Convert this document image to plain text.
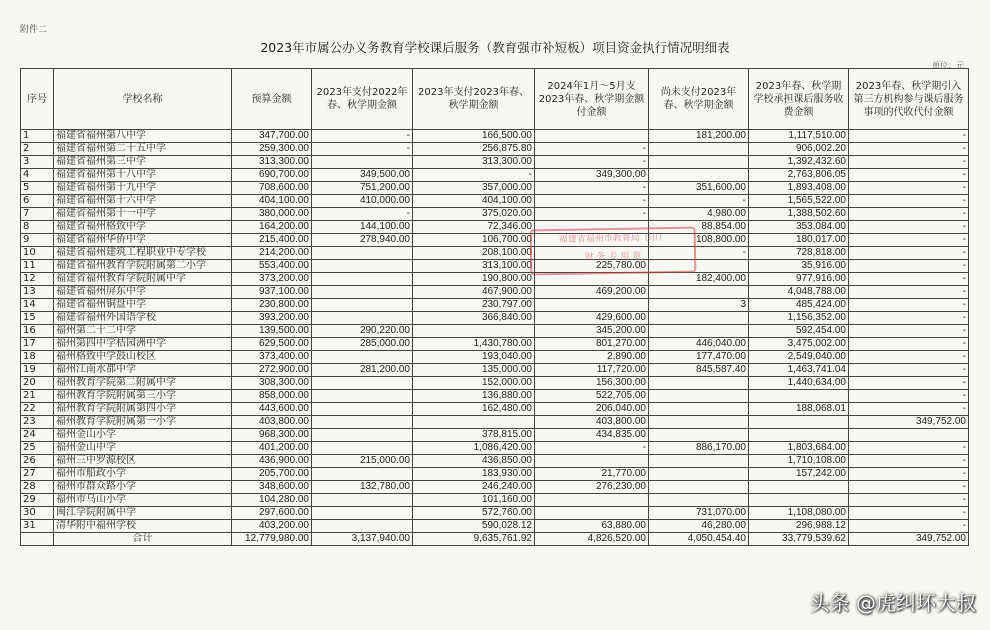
附件二
2023年市属公办义务教育学校课后服务（教育强市补短板）项目资金执行情况明细表
单位：元
序号	学校名称	预算金额	2023年支付2022年春、秋学期金额	2023年支付2023年春、秋学期金额	2024年1月～5月支2023年春、秋学期金额付金额	尚未支付2023年春、秋学期金额	2023年春、秋学期学校承担课后服务收费金额	2023年春、秋学期引入第三方机构参与课后服务事项的代收代付金额
1	福建省福州第八中学	347,700.00	-	166,500.00		181,200.00	1,117,510.00	-
2	福建省福州第二十五中学	259,300.00	-	256,875.80	-		906,002.20	-
3	福建省福州第三中学	313,300.00		313,300.00	-		1,392,432.60	-
4	福建省福州第十八中学	690,700.00	349,500.00	-	349,300.00		2,763,806.05	-
5	福建省福州第十九中学	708,600.00	751,200.00	357,000.00	-	351,600.00	1,893,408.00	-
6	福建省福州第十六中学	404,100.00	410,000.00	404,100.00	-	-	1,565,522.00	-
7	福建省福州第十一中学	380,000.00	-	375,020.00	-	4,980.00	1,388,502.60	-
8	福建省福州格致中学	164,200.00	144,100.00	72,346.00		88,854.00	353,084.00	-
9	福建省福州华侨中学	215,400.00	278,940.00	106,700.00		108,800.00	180,017.00	-
10	福建省福州建筑工程职业中专学校	214,200.00		208,100.00		-	728,818.00	-
11	福建省福州教育学院附属第二小学	553,400.00		313,100.00	225,780.00		35,916.00	-
12	福建省福州教育学院附属中学	373,200.00		190,800.00		182,400.00	977,916.00	-
13	福建省福州屏东中学	937,100.00		467,900.00	469,200.00		4,048,788.00	-
14	福建省福州铜盘中学	230,800.00		230,797.00		3	485,424.00	-
15	福建省福州外国语学校	393,200.00		366,840.00	429,600.00		1,156,352.00	-
16	福州第二十二中学	139,500.00	290,220.00		345,200.00		592,454.00	-
17	福州第四中学桔园洲中学	629,500.00	285,000.00	1,430,780.00	801,270.00	446,040.00	3,475,002.00	-
18	福州格致中学鼓山校区	373,400.00		193,040.00	2,890.00	177,470.00	2,549,040.00	-
19	福州江南水都中学	272,900.00	281,200.00	135,000.00	117,720.00	845,587.40	1,463,741.04	-
20	福州教育学院第二附属中学	308,300.00		152,000.00	156,300.00		1,440,634.00	-
21	福州教育学院附属第三小学	858,000.00		136,880.00	522,705.00			-
22	福州教育学院附属第四小学	443,600.00		162,480.00	206,040.00		188,068.01	-
23	福州教育学院附属第一小学	403,800.00			403,800.00			349,752.00
24	福州金山小学	968,300.00		378,815.00	434,835.00			
25	福州金山中学	401,200.00		1,086,420.00	-	886,170.00	1,803,684.00	-
26	福州三中罗源校区	436,900.00	215,000.00	436,850.00			1,710,108.00	-
27	福州市船政小学	205,700.00		183,930.00	21,770.00		157,242.00	-
28	福州市群众路小学	348,600.00	132,780.00	246,240.00	276,230.00			-
29	福州市乌山小学	104,280.00		101,160.00				-
30	闽江学院附属中学	297,600.00		572,760.00		731,070.00	1,108,080.00	-
31	清华附中福州学校	403,200.00		590,028.12	63,880.00	46,280.00	296,988.12	-
	合计	12,779,980.00	3,137,940.00	9,635,761.92	4,826,520.00	4,050,454.40	33,779,539.62	349,752.00
福建省福州市教育局（印）
财 务 专 用 章
头条 @虎纠坏大叔
